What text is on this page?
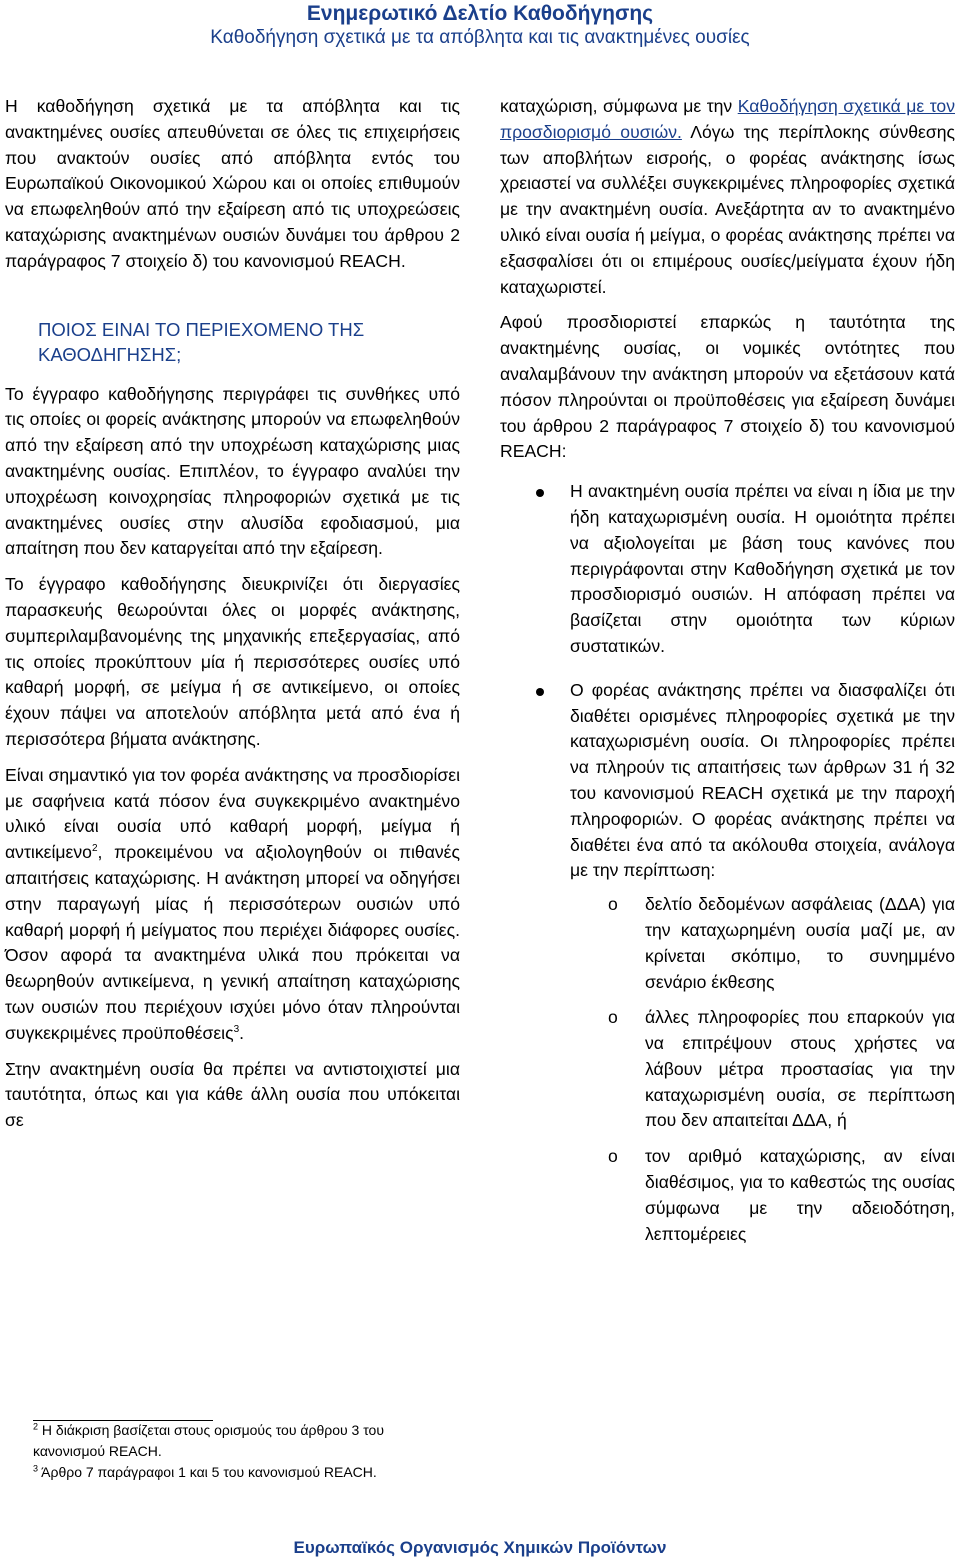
Ενημερωτικό Δελτίο Καθοδήγησης
Καθοδήγηση σχετικά με τα απόβλητα και τις ανακτημένες ουσίες

Η καθοδήγηση σχετικά με τα απόβλητα και τις ανακτημένες ουσίες απευθύνεται σε όλες τις επιχειρήσεις που ανακτούν ουσίες από απόβλητα εντός του Ευρωπαϊκού Οικονομικού Χώρου και οι οποίες επιθυμούν να επωφεληθούν από την εξαίρεση από τις υποχρεώσεις καταχώρισης ανακτημένων ουσιών δυνάμει του άρθρου 2 παράγραφος 7 στοιχείο δ) του κανονισμού REACH.

ΠΟΙΟΣ ΕΙΝΑΙ ΤΟ ΠΕΡΙΕΧΟΜΕΝΟ ΤΗΣ ΚΑΘΟΔΗΓΗΣΗΣ;

Το έγγραφο καθοδήγησης περιγράφει τις συνθήκες υπό τις οποίες οι φορείς ανάκτησης μπορούν να επωφεληθούν από την εξαίρεση από την υποχρέωση καταχώρισης μιας ανακτημένης ουσίας. Επιπλέον, το έγγραφο αναλύει την υποχρέωση κοινοχρησίας πληροφοριών σχετικά με τις ανακτημένες ουσίες στην αλυσίδα εφοδιασμού, μια απαίτηση που δεν καταργείται από την εξαίρεση.

Το έγγραφο καθοδήγησης διευκρινίζει ότι διεργασίες παρασκευής θεωρούνται όλες οι μορφές ανάκτησης, συμπεριλαμβανομένης της μηχανικής επεξεργασίας, από τις οποίες προκύπτουν μία ή περισσότερες ουσίες υπό καθαρή μορφή, σε μείγμα ή σε αντικείμενο, οι οποίες έχουν πάψει να αποτελούν απόβλητα μετά από ένα ή περισσότερα βήματα ανάκτησης.

Είναι σημαντικό για τον φορέα ανάκτησης να προσδιορίσει με σαφήνεια κατά πόσον ένα συγκεκριμένο ανακτημένο υλικό είναι ουσία υπό καθαρή μορφή, μείγμα ή αντικείμενο$^2$, προκειμένου να αξιολογηθούν οι πιθανές απαιτήσεις καταχώρισης. Η ανάκτηση μπορεί να οδηγήσει στην παραγωγή μίας ή περισσότερων ουσιών υπό καθαρή μορφή ή μείγματος που περιέχει διάφορες ουσίες. Όσον αφορά τα ανακτημένα υλικά που πρόκειται να θεωρηθούν αντικείμενα, η γενική απαίτηση καταχώρισης των ουσιών που περιέχουν ισχύει μόνο όταν πληρούνται συγκεκριμένες προϋποθέσεις$^3$.

Στην ανακτημένη ουσία θα πρέπει να αντιστοιχιστεί μια ταυτότητα, όπως και για κάθε άλλη ουσία που υπόκειται σε

$^2$ Η διάκριση βασίζεται στους ορισμούς του άρθρου 3 του κανονισμού REACH.

$^3$ Άρθρο 7 παράγραφοι 1 και 5 του κανονισμού REACH.

καταχώριση, σύμφωνα με την Καθοδήγηση σχετικά με τον προσδιορισμό ουσιών. Λόγω της περίπλοκης σύνθεσης των αποβλήτων εισροής, ο φορέας ανάκτησης ίσως χρειαστεί να συλλέξει συγκεκριμένες πληροφορίες σχετικά με την ανακτημένη ουσία. Ανεξάρτητα αν το ανακτημένο υλικό είναι ουσία ή μείγμα, ο φορέας ανάκτησης πρέπει να εξασφαλίσει ότι οι επιμέρους ουσίες/μείγματα έχουν ήδη καταχωριστεί.

Αφού προσδιοριστεί επαρκώς η ταυτότητα της ανακτημένης ουσίας, οι νομικές οντότητες που αναλαμβάνουν την ανάκτηση μπορούν να εξετάσουν κατά πόσον πληρούνται οι προϋποθέσεις για εξαίρεση δυνάμει του άρθρου 2 παράγραφος 7 στοιχείο δ) του κανονισμού REACH:

Η ανακτημένη ουσία πρέπει να είναι η ίδια με την ήδη καταχωρισμένη ουσία. Η ομοιότητα πρέπει να αξιολογείται με βάση τους κανόνες που περιγράφονται στην Καθοδήγηση σχετικά με τον προσδιορισμό ουσιών. Η απόφαση πρέπει να βασίζεται στην ομοιότητα των κύριων συστατικών.
Ο φορέας ανάκτησης πρέπει να διασφαλίζει ότι διαθέτει ορισμένες πληροφορίες σχετικά με την καταχωρισμένη ουσία. Οι πληροφορίες πρέπει να πληρούν τις απαιτήσεις των άρθρων 31 ή 32 του κανονισμού REACH σχετικά με την παροχή πληροφοριών. Ο φορέας ανάκτησης πρέπει να διαθέτει ένα από τα ακόλουθα στοιχεία, ανάλογα με την περίπτωση:
o δελτίο δεδομένων ασφάλειας (ΔΔΑ) για την καταχωρημένη ουσία μαζί με, αν κρίνεται σκόπιμο, το συνημμένο σενάριο έκθεσης
o άλλες πληροφορίες που επαρκούν για να επιτρέψουν στους χρήστες να λάβουν μέτρα προστασίας για την καταχωρισμένη ουσία, σε περίπτωση που δεν απαιτείται ΔΔΑ, ή
o τον αριθμό καταχώρισης, αν είναι διαθέσιμος, για το καθεστώς της ουσίας σύμφωνα με την αδειοδότηση, λεπτομέρειες
Ευρωπαϊκός Οργανισμός Χημικών Προϊόντων
